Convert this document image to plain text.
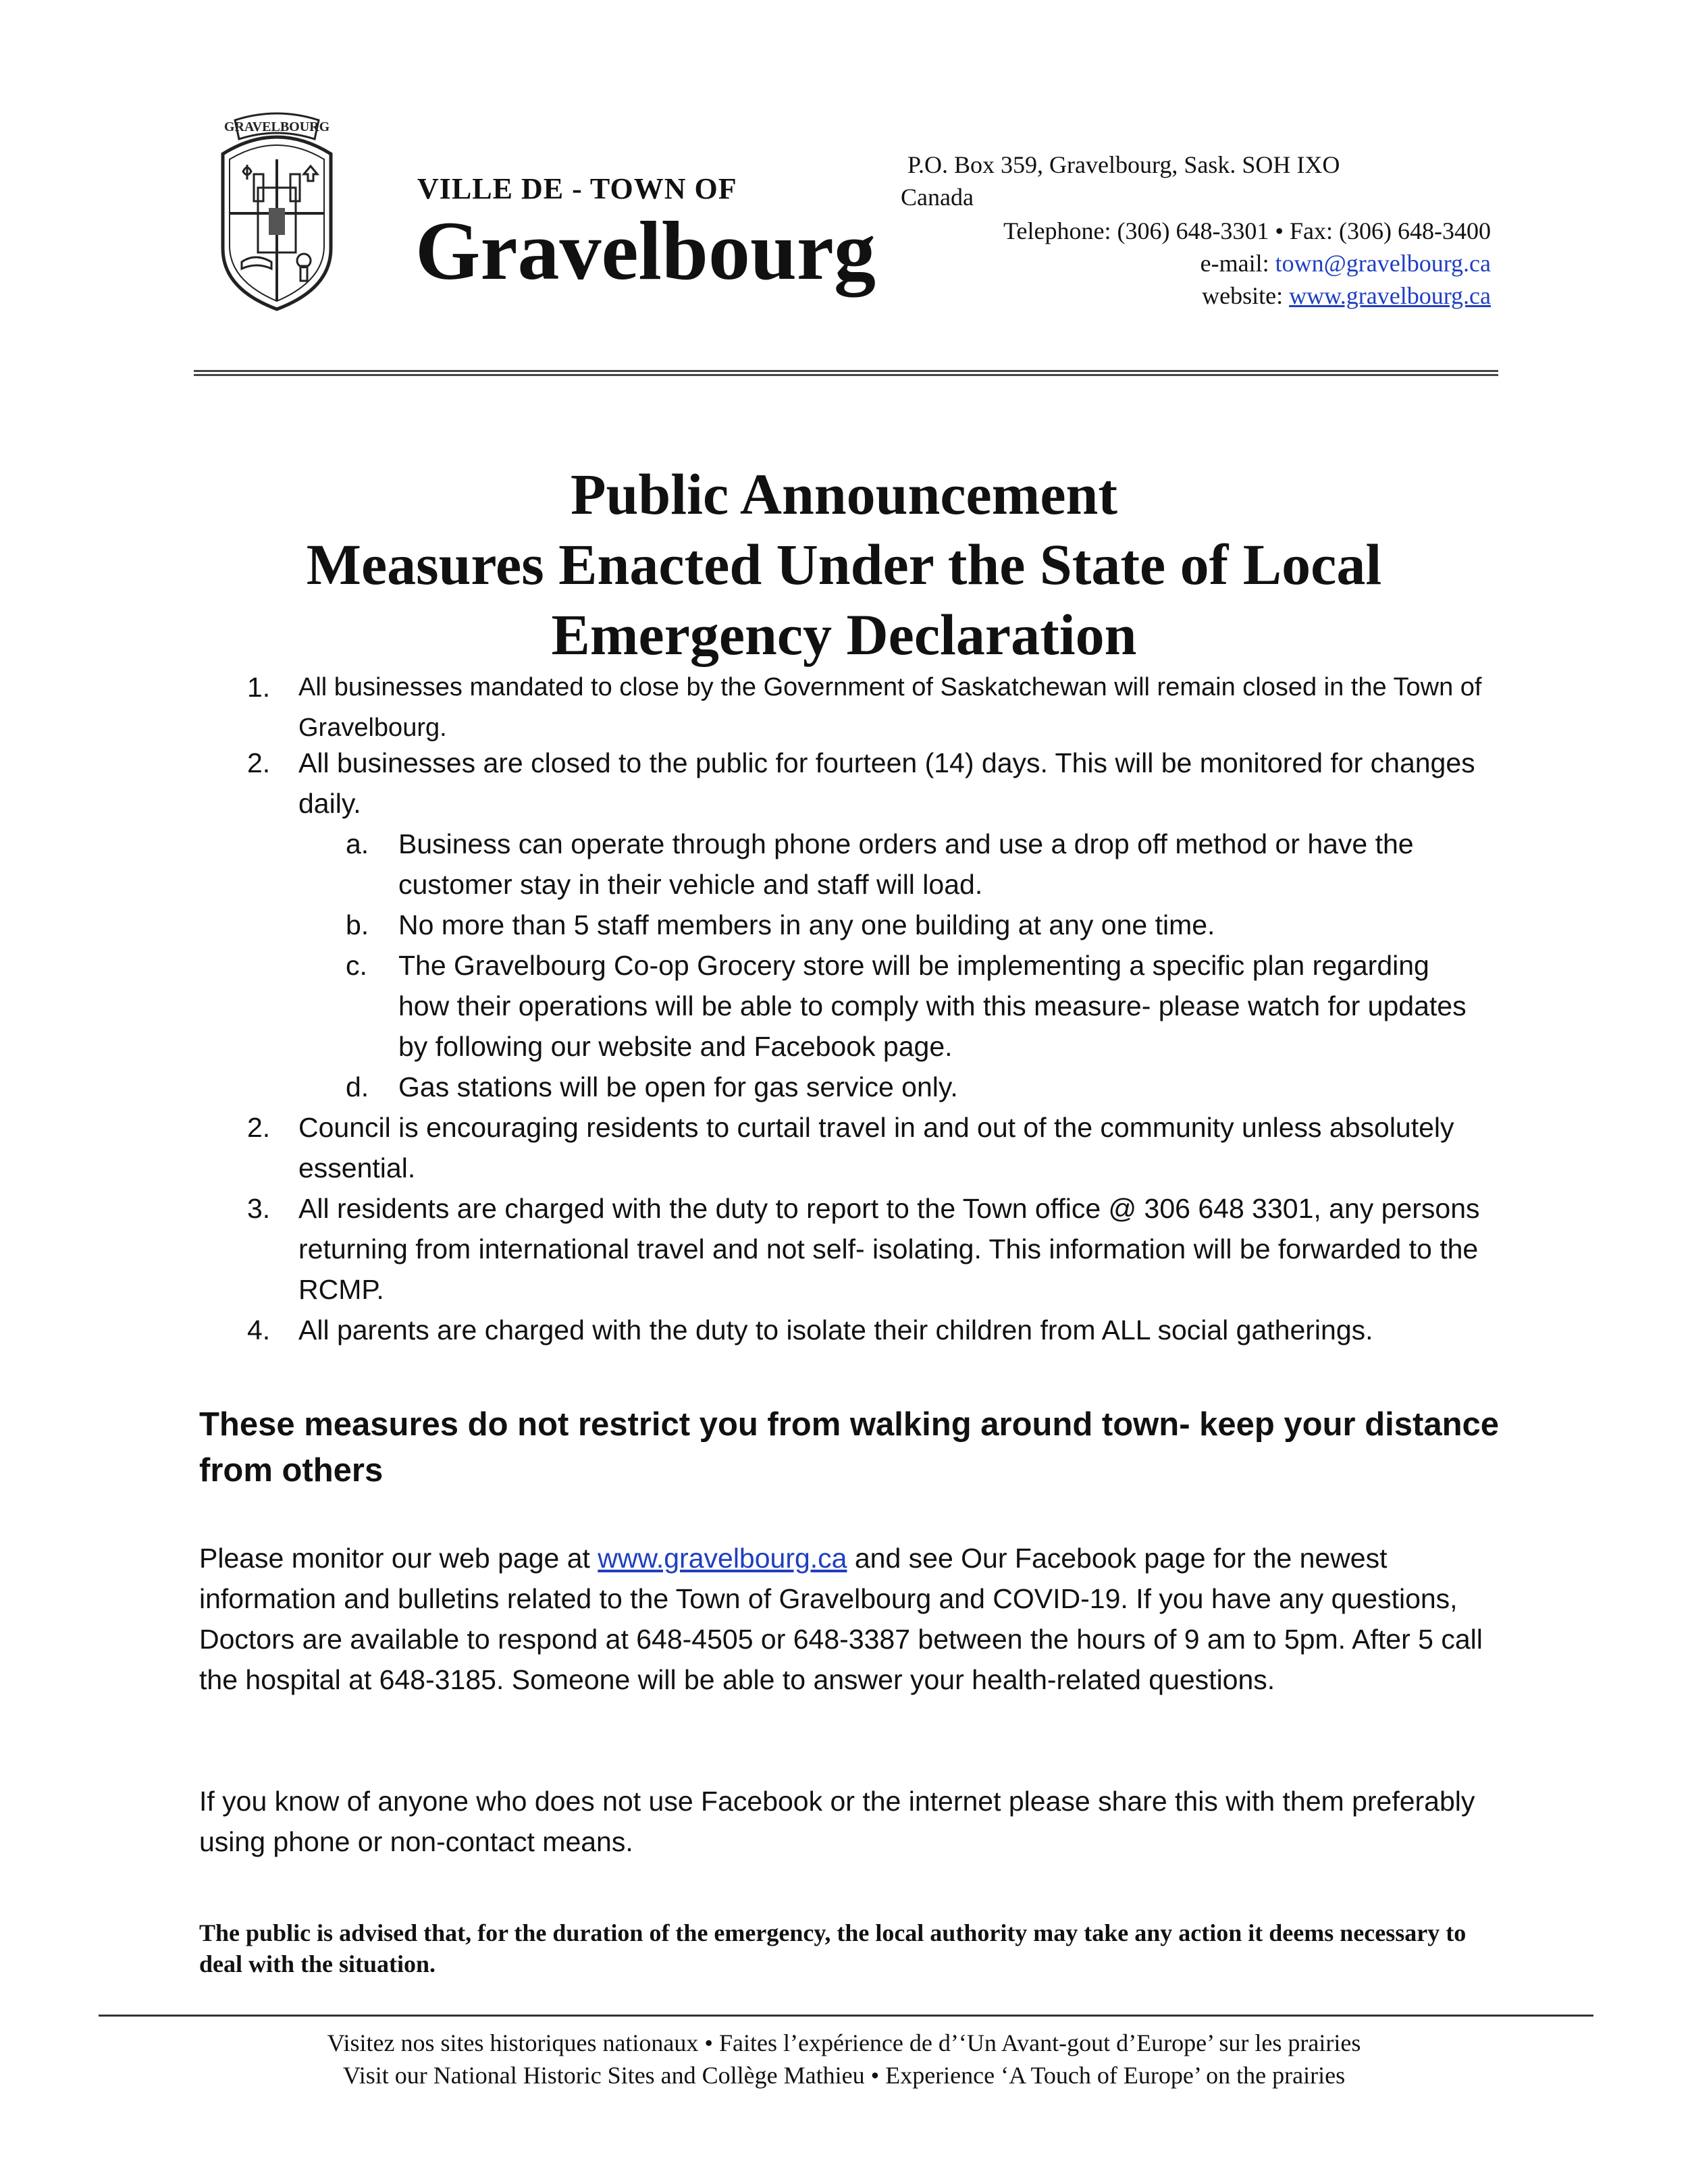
GRAVELBOURG
VILLE DE - TOWN OF
Gravelbourg
P.O. Box 359, Gravelbourg, Sask. SOH IXO
Canada
Telephone: (306) 648-3301 • Fax: (306) 648-3400
e-mail: town@gravelbourg.ca
website: www.gravelbourg.ca
Public Announcement
Measures Enacted Under the State of Local
Emergency Declaration
1. All businesses mandated to close by the Government of Saskatchewan will remain closed in the Town of Gravelbourg.
2. All businesses are closed to the public for fourteen (14) days. This will be monitored for changes daily.
a. Business can operate through phone orders and use a drop off method or have the customer stay in their vehicle and staff will load.
b. No more than 5 staff members in any one building at any one time.
c. The Gravelbourg Co-op Grocery store will be implementing a specific plan regarding how their operations will be able to comply with this measure- please watch for updates by following our website and Facebook page.
d. Gas stations will be open for gas service only.
2. Council is encouraging residents to curtail travel in and out of the community unless absolutely essential.
3. All residents are charged with the duty to report to the Town office @ 306 648 3301, any persons returning from international travel and not self- isolating. This information will be forwarded to the RCMP.
4. All parents are charged with the duty to isolate their children from ALL social gatherings.
These measures do not restrict you from walking around town- keep your distance from others
Please monitor our web page at www.gravelbourg.ca and see Our Facebook page for the newest information and bulletins related to the Town of Gravelbourg and COVID-19. If you have any questions, Doctors are available to respond at 648-4505 or 648-3387 between the hours of 9 am to 5pm. After 5 call the hospital at 648-3185. Someone will be able to answer your health-related questions.
If you know of anyone who does not use Facebook or the internet please share this with them preferably using phone or non-contact means.
The public is advised that, for the duration of the emergency, the local authority may take any action it deems necessary to deal with the situation.
Visitez nos sites historiques nationaux • Faites l’expérience de d’‘Un Avant-gout d’Europe’ sur les prairies
Visit our National Historic Sites and Collège Mathieu • Experience ‘A Touch of Europe’ on the prairies
